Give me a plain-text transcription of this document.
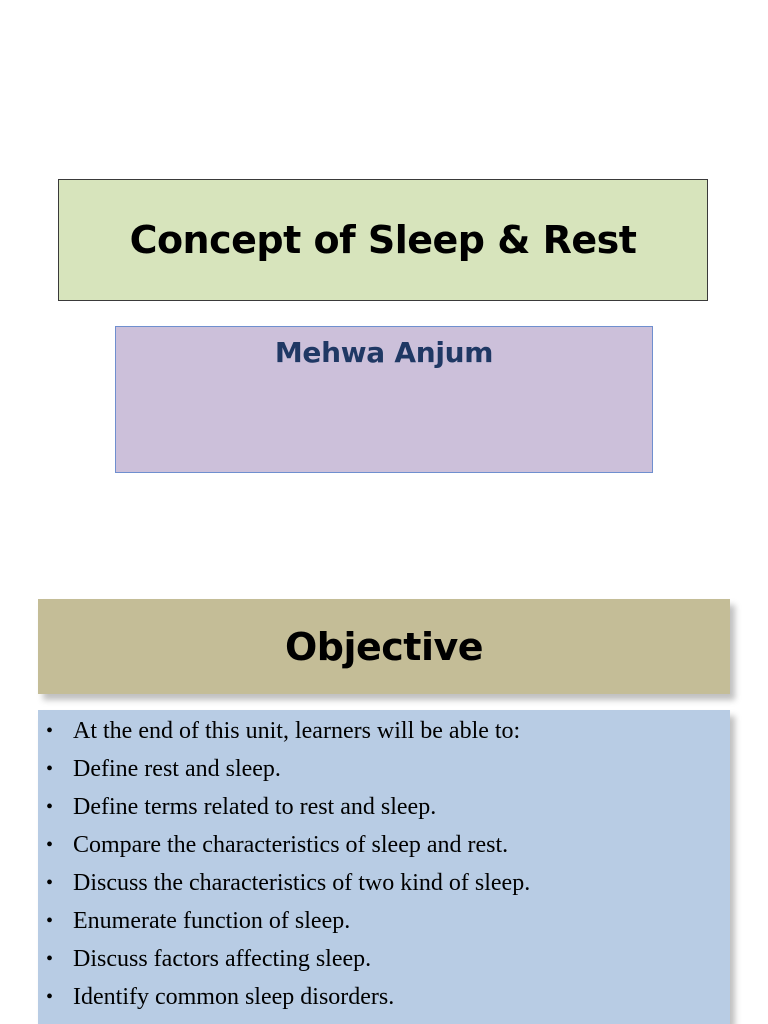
Concept of Sleep & Rest
Mehwa Anjum
Objective
• At the end of this unit, learners will be able to:
• Define rest and sleep.
• Define terms related to rest and sleep.
• Compare the characteristics of sleep and rest.
• Discuss the characteristics of two kind of sleep.
• Enumerate function of sleep.
• Discuss factors affecting sleep.
• Identify common sleep disorders.
